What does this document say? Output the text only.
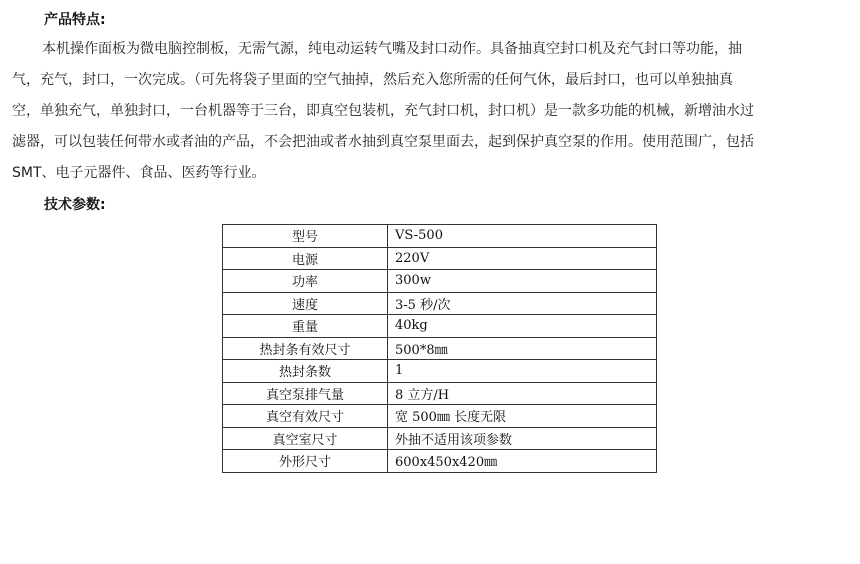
产品特点:
本机操作面板为微电脑控制板，无需气源，纯电动运转气嘴及封口动作。具备抽真空封口机及充气封口等功能，抽
气，充气，封口，一次完成。（可先将袋子里面的空气抽掉，然后充入您所需的任何气休，最后封口，也可以单独抽真
空，单独充气，单独封口，一台机器等于三台，即真空包装机，充气封口机，封口机）是一款多功能的机械，新增油水过
滤器，可以包装任何带水或者油的产品，不会把油或者水抽到真空泵里面去，起到保护真空泵的作用。使用范围广，包括
SMT、电子元器件、食品、医药等行业。
技术参数:
型号	VS-500
电源	220V
功率	300w
速度	3-5 秒/次
重量	40kg
热封条有效尺寸	500*8㎜
热封条数	1
真空泵排气量	8 立方/H
真空有效尺寸	宽 500㎜ 长度无限
真空室尺寸	外抽不适用该项参数
外形尺寸	600x450x420㎜
